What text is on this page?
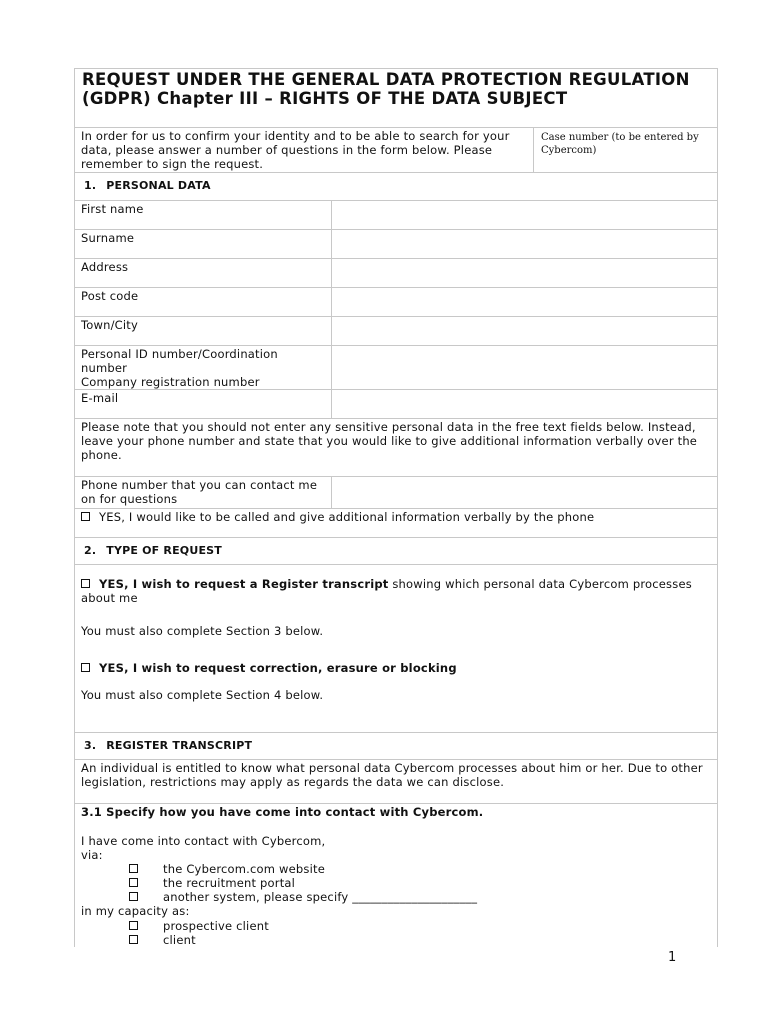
REQUEST UNDER THE GENERAL DATA PROTECTION REGULATION (GDPR) Chapter III – RIGHTS OF THE DATA SUBJECT
In order for us to confirm your identity and to be able to search for your data, please answer a number of questions in the form below. Please remember to sign the request.
Case number (to be entered by Cybercom)
1. PERSONAL DATA
First name
Surname
Address
Post code
Town/City
Personal ID number/Coordination number
Company registration number
E-mail
Please note that you should not enter any sensitive personal data in the free text fields below. Instead, leave your phone number and state that you would like to give additional information verbally over the phone.
Phone number that you can contact me on for questions
YES, I would like to be called and give additional information verbally by the phone
2. TYPE OF REQUEST
YES, I wish to request a Register transcript showing which personal data Cybercom processes about me
You must also complete Section 3 below.
YES, I wish to request correction, erasure or blocking
You must also complete Section 4 below.
3. REGISTER TRANSCRIPT
An individual is entitled to know what personal data Cybercom processes about him or her. Due to other legislation, restrictions may apply as regards the data we can disclose.
3.1 Specify how you have come into contact with Cybercom.
I have come into contact with Cybercom,
via:
the Cybercom.com website
the recruitment portal
another system, please specify _____________________
in my capacity as:
prospective client
client
1
